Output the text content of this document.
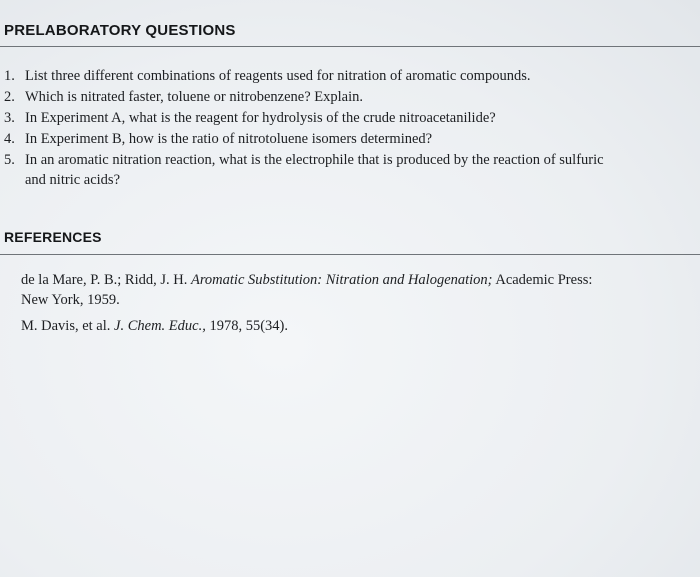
PRELABORATORY QUESTIONS
1. List three different combinations of reagents used for nitration of aromatic compounds.
2. Which is nitrated faster, toluene or nitrobenzene? Explain.
3. In Experiment A, what is the reagent for hydrolysis of the crude nitroacetanilide?
4. In Experiment B, how is the ratio of nitrotoluene isomers determined?
5. In an aromatic nitration reaction, what is the electrophile that is produced by the reaction of sulfuric
and nitric acids?
REFERENCES
de la Mare, P. B.; Ridd, J. H. Aromatic Substitution: Nitration and Halogenation; Academic Press:
New York, 1959.
M. Davis, et al. J. Chem. Educ., 1978, 55(34).
